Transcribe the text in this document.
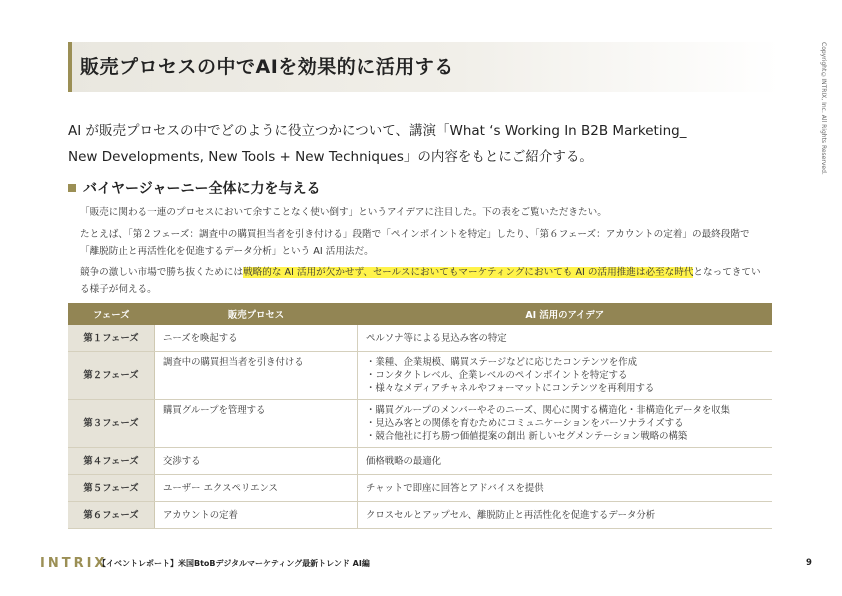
販売プロセスの中でAIを効果的に活用する	Copyright©INTRIX, Inc. All Rights Reserved.
AI が販売プロセスの中でどのように役立つかについて、講演「What ‘s Working In B2B Marketing_
New Developments, New Tools + New Techniques」の内容をもとにご紹介する。
バイヤージャーニー全体に力を与える
「販売に関わる一連のプロセスにおいて余すことなく使い倒す」というアイデアに注目した。下の表をご覧いただきたい。
たとえば、「第２フェーズ：調査中の購買担当者を引き付ける」段階で「ペインポイントを特定」したり、「第６フェーズ：アカウントの定着」の最終段階で
「離脱防止と再活性化を促進するデータ分析」という AI 活用法だ。
競争の激しい市場で勝ち抜くためには戦略的な AI 活用が欠かせず、セールスにおいてもマーケティングにおいても AI の活用推進は必至な時代となってきてい
る様子が伺える。
フェーズ	販売プロセス	AI 活用のアイデア
第１フェーズ	ニーズを喚起する	ペルソナ等による見込み客の特定
第２フェーズ	調査中の購買担当者を引き付ける	・業種、企業規模、購買ステージなどに応じたコンテンツを作成
・コンタクトレベル、企業レベルのペインポイントを特定する
・様々なメディアチャネルやフォーマットにコンテンツを再利用する

第３フェーズ	購買グループを管理する	・購買グループのメンバーやそのニーズ、関心に関する構造化・非構造化データを収集
・見込み客との関係を育むためにコミュニケーションをパーソナライズする
・競合他社に打ち勝つ価値提案の創出 新しいセグメンテーション戦略の構築

第４フェーズ	交渉する	価格戦略の最適化
第５フェーズ	ユーザー エクスペリエンス	チャットで即座に回答とアドバイスを提供
第６フェーズ	アカウントの定着	クロスセルとアップセル、離脱防止と再活性化を促進するデータ分析
INTRIX
【イベントレポート】米国BtoBデジタルマーケティング最新トレンド AI編	9
